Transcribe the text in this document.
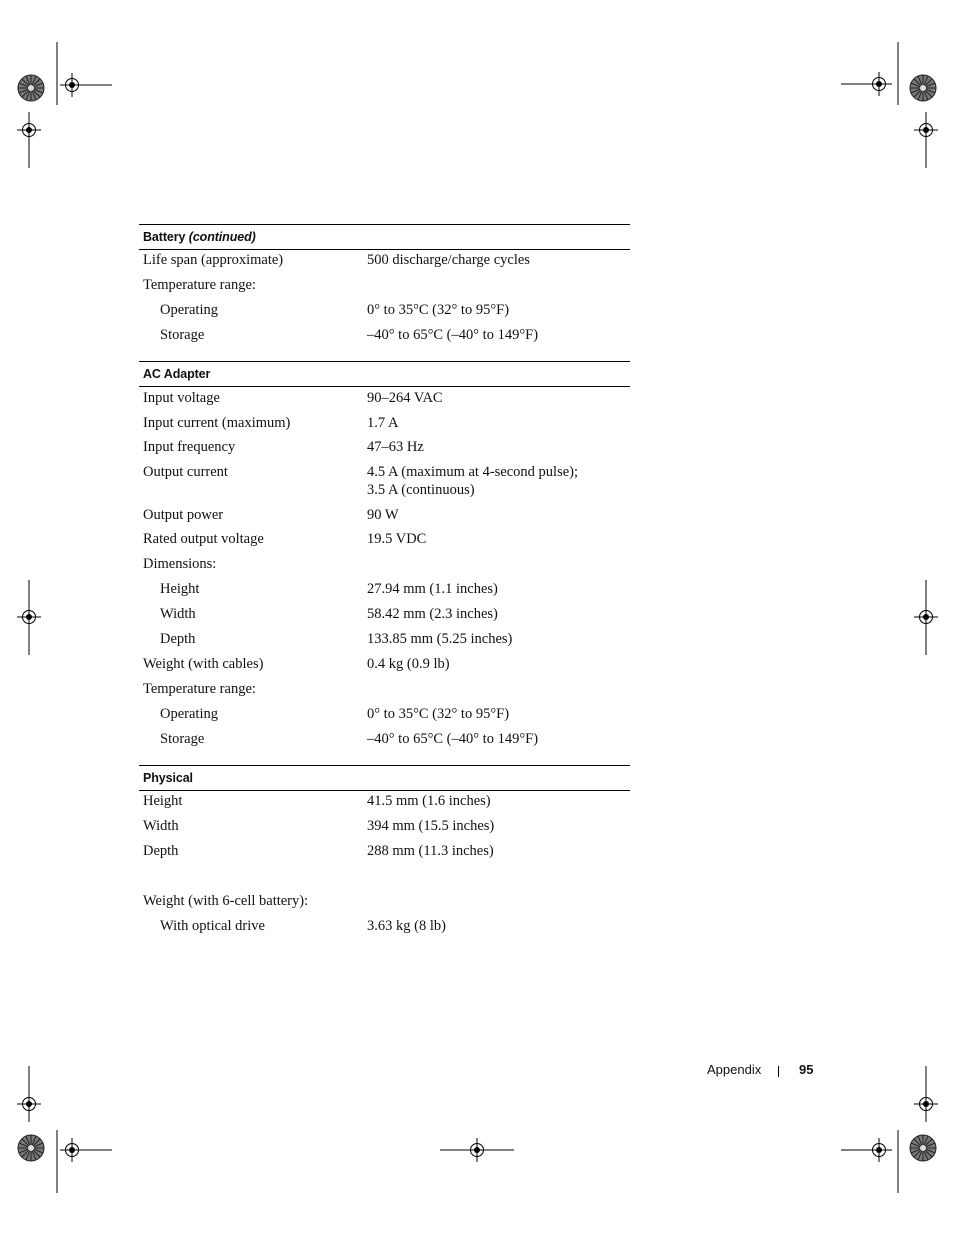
Battery (continued)
Life span (approximate)	500 discharge/charge cycles
Temperature range:
Operating	0° to 35°C (32° to 95°F)
Storage	–40° to 65°C (–40° to 149°F)
AC Adapter
Input voltage	90–264 VAC
Input current (maximum)	1.7 A
Input frequency	47–63 Hz
Output current	4.5 A (maximum at 4-second pulse);
3.5 A (continuous)
Output power	90 W
Rated output voltage	19.5 VDC
Dimensions:
Height	27.94 mm (1.1 inches)
Width	58.42 mm (2.3 inches)
Depth	133.85 mm (5.25 inches)
Weight (with cables)	0.4 kg (0.9 lb)
Temperature range:
Operating	0° to 35°C (32° to 95°F)
Storage	–40° to 65°C (–40° to 149°F)
Physical
Height	41.5 mm (1.6 inches)
Width	394 mm (15.5 inches)
Depth	288 mm (11.3 inches)
Weight (with 6-cell battery):
With optical drive	3.63 kg (8 lb)
Appendix	95
